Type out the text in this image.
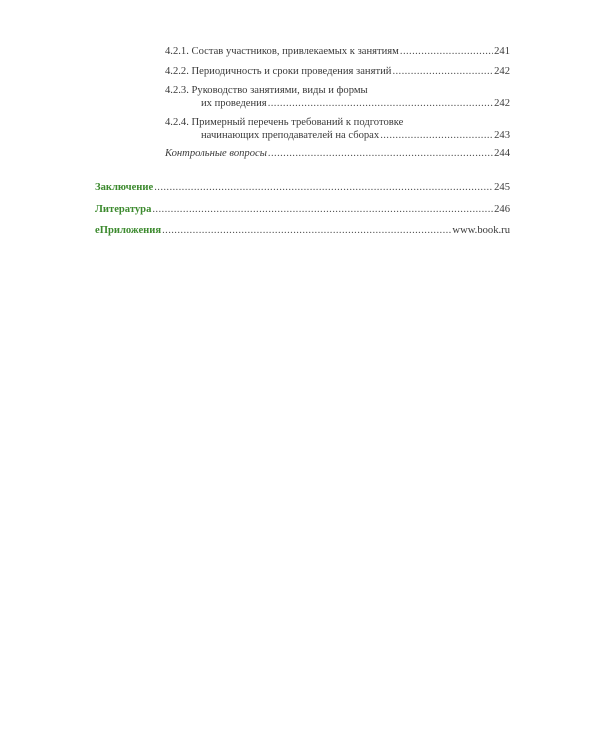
4.2.1. Состав участников, привлекаемых к занятиям .....	241
4.2.2. Периодичность и сроки проведения занятий .....	242
4.2.3. Руководство занятиями, виды и формы
их проведения .....	242
4.2.4. Примерный перечень требований к подготовке
начинающих преподавателей на сборах .....	243
Контрольные вопросы .....	244
Заключение .....	245
Литература .....	246
еПриложения .....	www.book.ru
